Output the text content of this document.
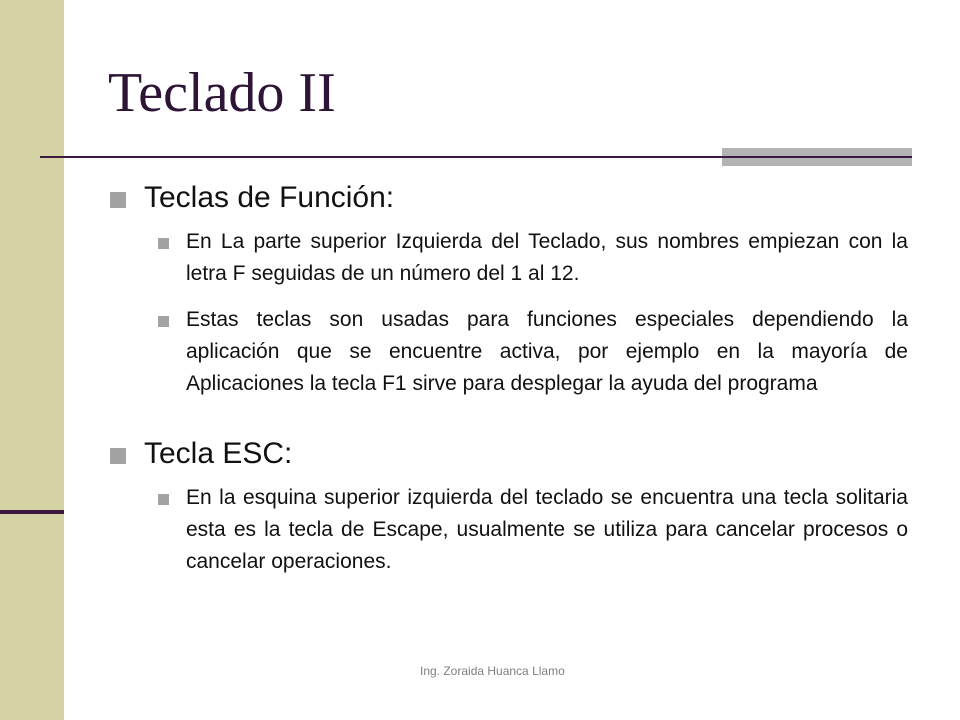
Teclado II
Teclas de Función:
En La parte superior Izquierda del Teclado, sus nombres empiezan con la letra F seguidas de un número del 1 al 12.
Estas teclas son usadas para funciones especiales dependiendo la aplicación que se encuentre activa, por ejemplo en la mayoría de Aplicaciones la tecla F1 sirve para desplegar la ayuda del programa
Tecla ESC:
En la esquina superior izquierda del teclado se encuentra una tecla solitaria esta es la tecla de Escape, usualmente se utiliza para cancelar procesos o cancelar operaciones.
Ing. Zoraida Huanca Llamo
